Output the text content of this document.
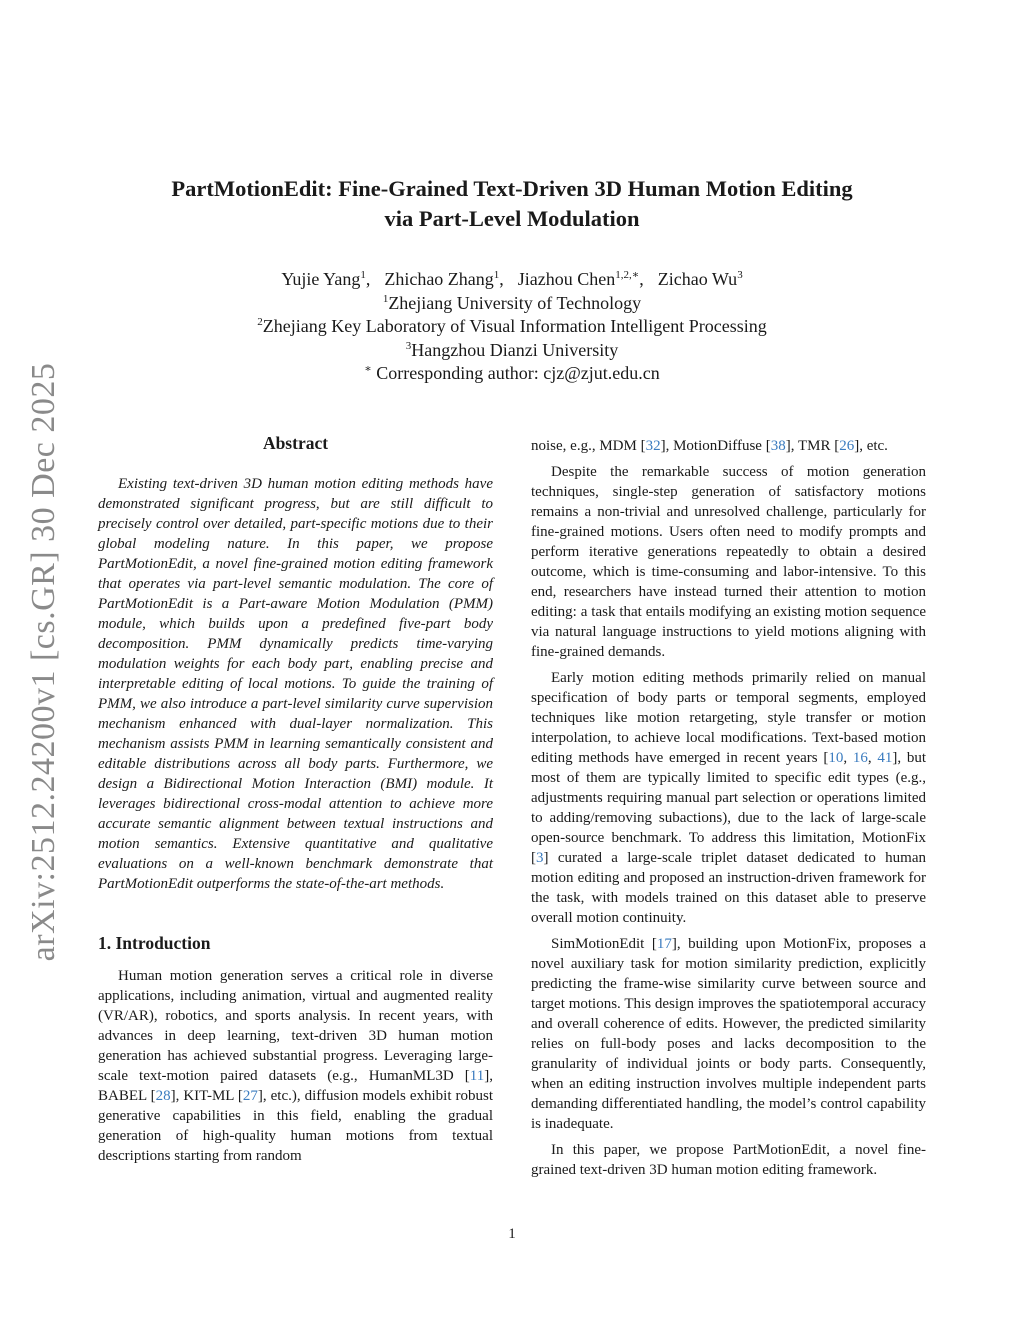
arXiv:2512.24200v1 [cs.GR] 30 Dec 2025
PartMotionEdit: Fine-Grained Text-Driven 3D Human Motion Editing
via Part-Level Modulation
Yujie Yang$^1$, Zhichao Zhang$^1$, Jiazhou Chen$^{1,2,∗}$, Zichao Wu$^3$
$^1$Zhejiang University of Technology
$^2$Zhejiang Key Laboratory of Visual Information Intelligent Processing
$^3$Hangzhou Dianzi University
∗ Corresponding author: cjz@zjut.edu.cn
Abstract

Existing text-driven 3D human motion editing methods have demonstrated significant progress, but are still difficult to precisely control over detailed, part-specific motions due to their global modeling nature. In this paper, we propose PartMotionEdit, a novel fine-grained motion editing framework that operates via part-level semantic modulation. The core of PartMotionEdit is a Part-aware Motion Modulation (PMM) module, which builds upon a predefined five-part body decomposition. PMM dynamically predicts time-varying modulation weights for each body part, enabling precise and interpretable editing of local motions. To guide the training of PMM, we also introduce a part-level similarity curve supervision mechanism enhanced with dual-layer normalization. This mechanism assists PMM in learning semantically consistent and editable distributions across all body parts. Furthermore, we design a Bidirectional Motion Interaction (BMI) module. It leverages bidirectional cross-modal attention to achieve more accurate semantic alignment between textual instructions and motion semantics. Extensive quantitative and qualitative evaluations on a well-known benchmark demonstrate that PartMotionEdit outperforms the state-of-the-art methods.

1. Introduction

Human motion generation serves a critical role in diverse applications, including animation, virtual and augmented reality (VR/AR), robotics, and sports analysis. In recent years, with advances in deep learning, text-driven 3D human motion generation has achieved substantial progress. Leveraging large-scale text-motion paired datasets (e.g., HumanML3D [11], BABEL [28], KIT-ML [27], etc.), diffusion models exhibit robust generative capabilities in this field, enabling the gradual generation of high-quality human motions from textual descriptions starting from random

noise, e.g., MDM [32], MotionDiffuse [38], TMR [26], etc.

Despite the remarkable success of motion generation techniques, single-step generation of satisfactory motions remains a non-trivial and unresolved challenge, particularly for fine-grained motions. Users often need to modify prompts and perform iterative generations repeatedly to obtain a desired outcome, which is time-consuming and labor-intensive. To this end, researchers have instead turned their attention to motion editing: a task that entails modifying an existing motion sequence via natural language instructions to yield motions aligning with fine-grained demands.

Early motion editing methods primarily relied on manual specification of body parts or temporal segments, employed techniques like motion retargeting, style transfer or motion interpolation, to achieve local modifications. Text-based motion editing methods have emerged in recent years [10, 16, 41], but most of them are typically limited to specific edit types (e.g., adjustments requiring manual part selection or operations limited to adding/removing subactions), due to the lack of large-scale open-source benchmark. To address this limitation, MotionFix [3] curated a large-scale triplet dataset dedicated to human motion editing and proposed an instruction-driven framework for the task, with models trained on this dataset able to preserve overall motion continuity.

SimMotionEdit [17], building upon MotionFix, proposes a novel auxiliary task for motion similarity prediction, explicitly predicting the frame-wise similarity curve between source and target motions. This design improves the spatiotemporal accuracy and overall coherence of edits. However, the predicted similarity relies on full-body poses and lacks decomposition to the granularity of individual joints or body parts. Consequently, when an editing instruction involves multiple independent parts demanding differentiated handling, the model’s control capability is inadequate.

In this paper, we propose PartMotionEdit, a novel fine-grained text-driven 3D human motion editing framework.

1
